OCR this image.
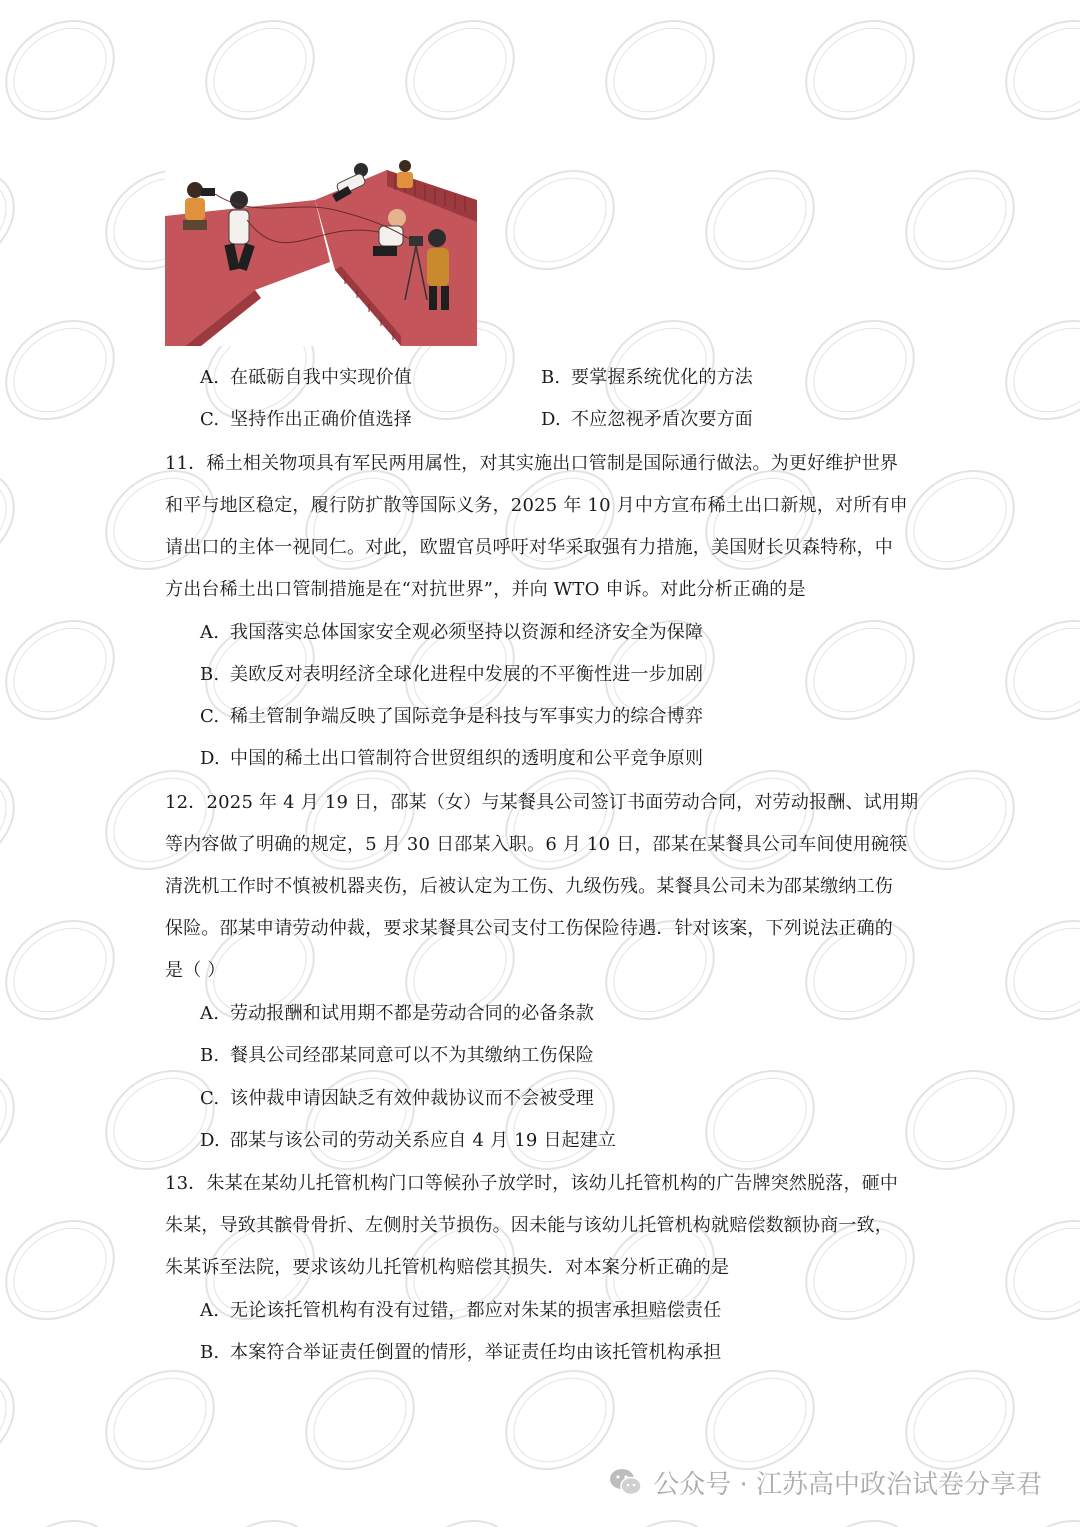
A. 在砥砺自我中实现价值	B. 要掌握系统优化的方法
C. 坚持作出正确价值选择	D. 不应忽视矛盾次要方面
11．稀土相关物项具有军民两用属性，对其实施出口管制是国际通行做法。为更好维护世界
和平与地区稳定，履行防扩散等国际义务，2025 年 10 月中方宣布稀土出口新规，对所有申
请出口的主体一视同仁。对此，欧盟官员呼吁对华采取强有力措施，美国财长贝森特称，中
方出台稀土出口管制措施是在“对抗世界”，并向 WTO 申诉。对此分析正确的是
A. 我国落实总体国家安全观必须坚持以资源和经济安全为保障
B. 美欧反对表明经济全球化进程中发展的不平衡性进一步加剧
C. 稀土管制争端反映了国际竞争是科技与军事实力的综合博弈
D. 中国的稀土出口管制符合世贸组织的透明度和公平竞争原则
12．2025 年 4 月 19 日，邵某（女）与某餐具公司签订书面劳动合同，对劳动报酬、试用期
等内容做了明确的规定，5 月 30 日邵某入职。6 月 10 日，邵某在某餐具公司车间使用碗筷
清洗机工作时不慎被机器夹伤，后被认定为工伤、九级伤残。某餐具公司未为邵某缴纳工伤
保险。邵某申请劳动仲裁，要求某餐具公司支付工伤保险待遇．针对该案，下列说法正确的
是（ ）
A. 劳动报酬和试用期不都是劳动合同的必备条款
B. 餐具公司经邵某同意可以不为其缴纳工伤保险
C. 该仲裁申请因缺乏有效仲裁协议而不会被受理
D. 邵某与该公司的劳动关系应自 4 月 19 日起建立
13．朱某在某幼儿托管机构门口等候孙子放学时，该幼儿托管机构的广告牌突然脱落，砸中
朱某，导致其髌骨骨折、左侧肘关节损伤。因未能与该幼儿托管机构就赔偿数额协商一致，
朱某诉至法院，要求该幼儿托管机构赔偿其损失．对本案分析正确的是
A. 无论该托管机构有没有过错，都应对朱某的损害承担赔偿责任
B. 本案符合举证责任倒置的情形，举证责任均由该托管机构承担
公众号 · 江苏高中政治试卷分享君
